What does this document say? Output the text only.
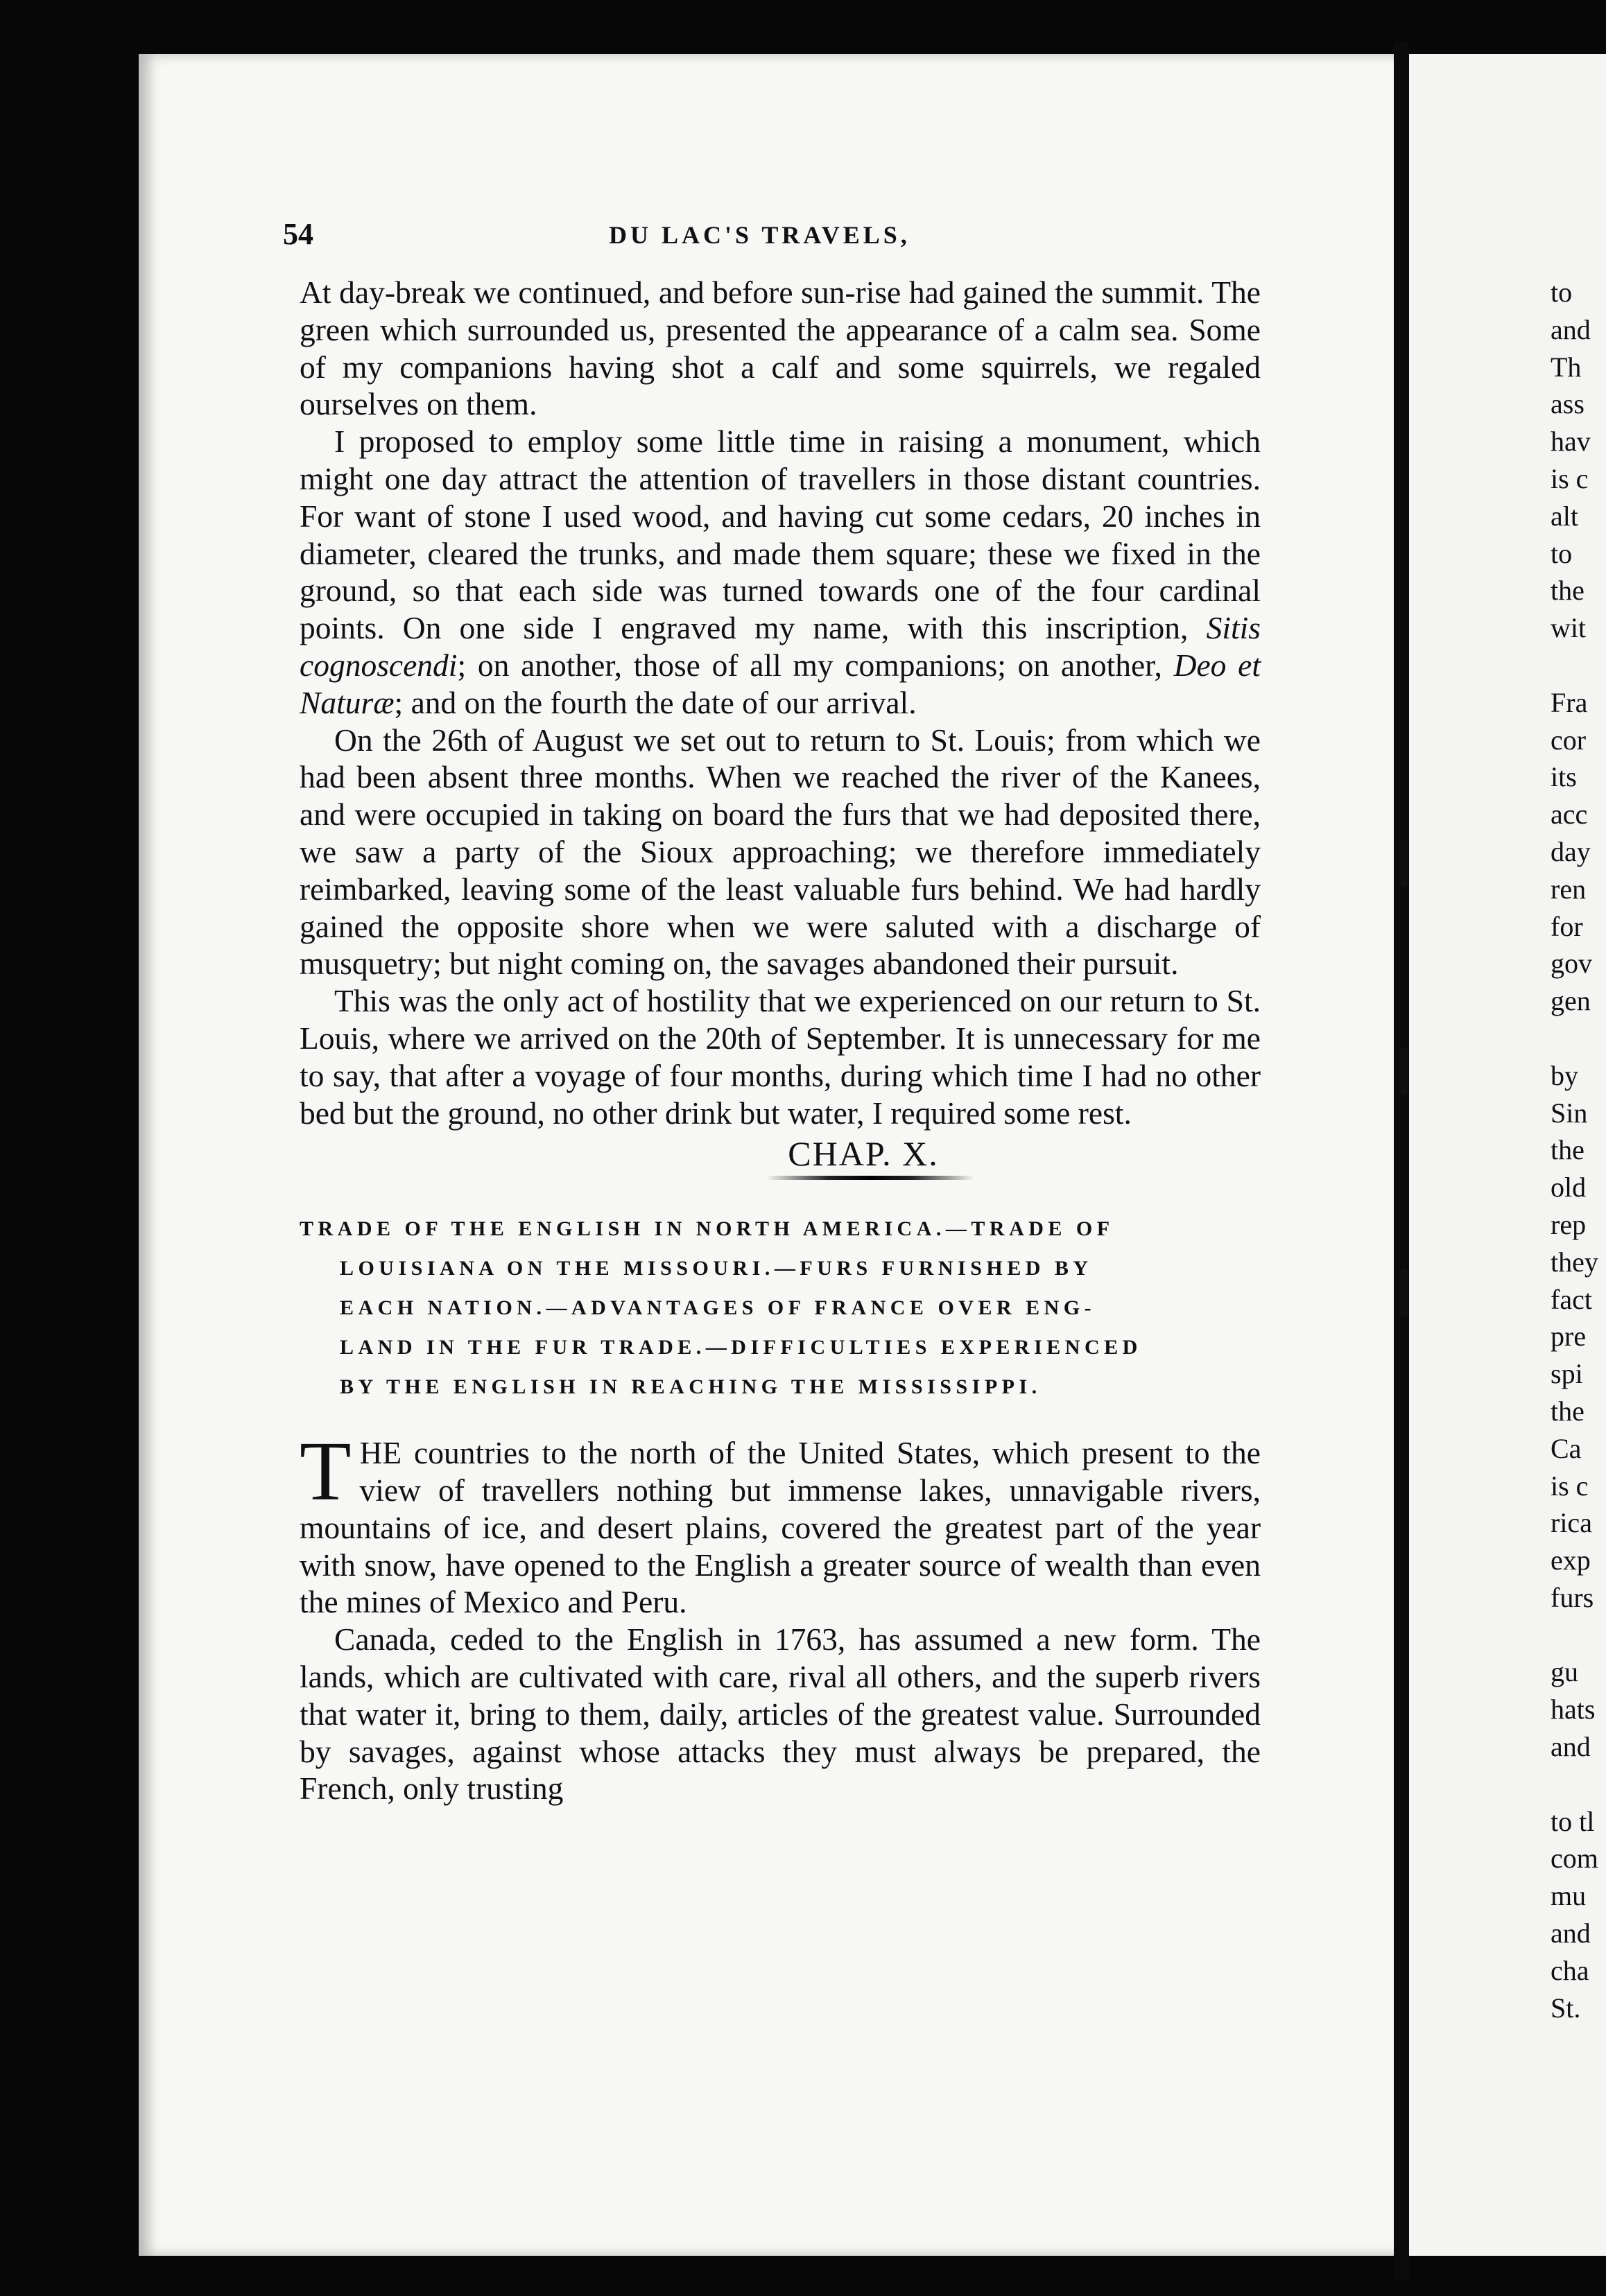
54	DU LAC'S TRAVELS,

At day-break we continued, and before sun-rise had gained the summit. The green which surrounded us, presented the appearance of a calm sea. Some of my companions having shot a calf and some squirrels, we regaled ourselves on them.

I proposed to employ some little time in raising a monument, which might one day attract the attention of travellers in those distant countries. For want of stone I used wood, and having cut some cedars, 20 inches in diameter, cleared the trunks, and made them square; these we fixed in the ground, so that each side was turned towards one of the four cardinal points. On one side I engraved my name, with this inscription, Sitis cognoscendi; on another, those of all my companions; on another, Deo et Naturæ; and on the fourth the date of our arrival.

On the 26th of August we set out to return to St. Louis; from which we had been absent three months. When we reached the river of the Kanees, and were occupied in taking on board the furs that we had deposited there, we saw a party of the Sioux approaching; we therefore immediately reimbarked, leaving some of the least valuable furs behind. We had hardly gained the opposite shore when we were saluted with a discharge of musquetry; but night coming on, the savages abandoned their pursuit.

This was the only act of hostility that we experienced on our return to St. Louis, where we arrived on the 20th of September. It is unnecessary for me to say, that after a voyage of four months, during which time I had no other bed but the ground, no other drink but water, I required some rest.

CHAP. X.
TRADE OF THE ENGLISH IN NORTH AMERICA.—TRADE OF
LOUISIANA ON THE MISSOURI.—FURS FURNISHED BY
EACH NATION.—ADVANTAGES OF FRANCE OVER ENG-
LAND IN THE FUR TRADE.—DIFFICULTIES EXPERIENCED
BY THE ENGLISH IN REACHING THE MISSISSIPPI.

THE countries to the north of the United States, which present to the view of travellers nothing but immense lakes, unnavigable rivers, mountains of ice, and desert plains, covered the greatest part of the year with snow, have opened to the English a greater source of wealth than even the mines of Mexico and Peru.

Canada, ceded to the English in 1763, has assumed a new form. The lands, which are cultivated with care, rival all others, and the superb rivers that water it, bring to them, daily, articles of the greatest value. Surrounded by savages, against whose attacks they must always be prepared, the French, only trusting

to
and
Th
ass
hav
is c
alt
to
the
wit
Fra
cor
its
acc
day
ren
for
gov
gen
by
Sin
the
old
rep
they
fact
pre
spi
the
Ca
is c
rica
exp
furs
gu
hats
and
to tl
com
mu
and
cha
St.
